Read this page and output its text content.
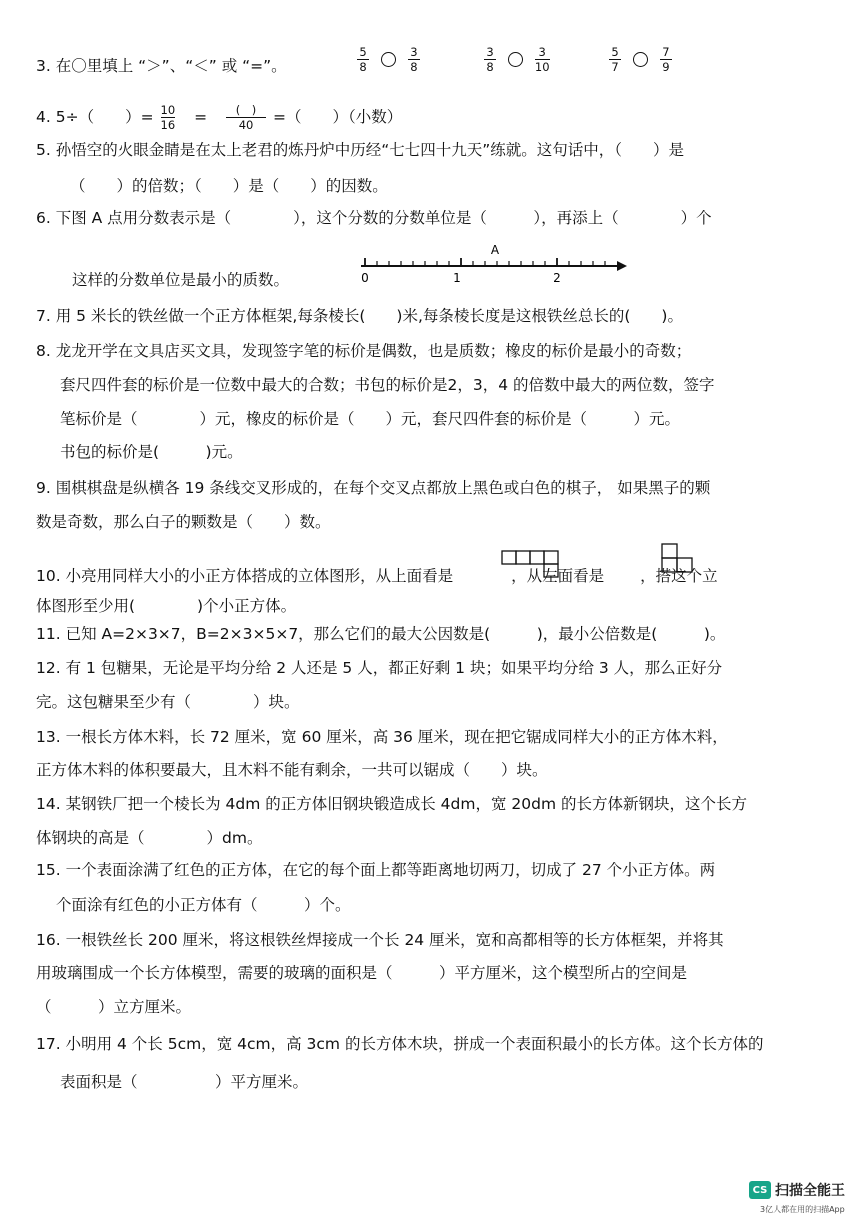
3. 在〇里填上 “＞”、“＜” 或 “=”。	$\frac{5}{8}$
	$\frac{3}{8}$	$\frac{3}{8}$
	$\frac{3}{10}$	$\frac{5}{7}$
	$\frac{7}{9}$
4. 5÷（　　）= $\frac{10}{16} = \frac{( )}{40}$ =（　　）（小数）
5. 孙悟空的火眼金睛是在太上老君的炼丹炉中历经“七七四十九天”练就。这句话中，（　　）是
（　　）的倍数；（　　）是（　　）的因数。
6. 下图 A 点用分数表示是（　　　　），这个分数的分数单位是（　　　），再添上（　　　　）个
这样的分数单位是最小的质数。	0	1	2
A
7. 用 5 米长的铁丝做一个正方体框架,每条棱长(　　)米,每条棱长度是这根铁丝总长的(　　)。
8. 龙龙开学在文具店买文具，发现签字笔的标价是偶数，也是质数；橡皮的标价是最小的奇数；
套尺四件套的标价是一位数中最大的合数；书包的标价是2，3，4 的倍数中最大的两位数，签字
笔标价是（　　　　）元，橡皮的标价是（　　）元，套尺四件套的标价是（　　　）元。
书包的标价是(　　　)元。
9. 围棋棋盘是纵横各 19 条线交叉形成的，在每个交叉点都放上黑色或白色的棋子， 如果黑子的颗
数是奇数，那么白子的颗数是（　　）数。
10. 小亮用同样大小的小正方体搭成的立体图形，从上面看是	，从左面看是 ，搭这个立
体图形至少用(　　　　)个小正方体。
11. 已知 A=2×3×7，B=2×3×5×7，那么它们的最大公因数是(　　　)，最小公倍数是(　　　)。
12. 有 1 包糖果，无论是平均分给 2 人还是 5 人，都正好剩 1 块；如果平均分给 3 人，那么正好分
完。这包糖果至少有（　　　　）块。
13. 一根长方体木料，长 72 厘米，宽 60 厘米，高 36 厘米，现在把它锯成同样大小的正方体木料，
正方体木料的体积要最大，且木料不能有剩余，一共可以锯成（　　）块。
14. 某钢铁厂把一个棱长为 4dm 的正方体旧钢块锻造成长 4dm，宽 20dm 的长方体新钢块，这个长方
体钢块的高是（　　　　）dm。
15. 一个表面涂满了红色的正方体，在它的每个面上都等距离地切两刀，切成了 27 个小正方体。两
个面涂有红色的小正方体有（　　　）个。
16. 一根铁丝长 200 厘米，将这根铁丝焊接成一个长 24 厘米，宽和高都相等的长方体框架，并将其
用玻璃围成一个长方体模型，需要的玻璃的面积是（　　　）平方厘米，这个模型所占的空间是
（　　　）立方厘米。
17. 小明用 4 个长 5cm，宽 4cm，高 3cm 的长方体木块，拼成一个表面积最小的长方体。这个长方体的
表面积是（　　　　　）平方厘米。
CS 扫描全能王
3亿人都在用的扫描App
